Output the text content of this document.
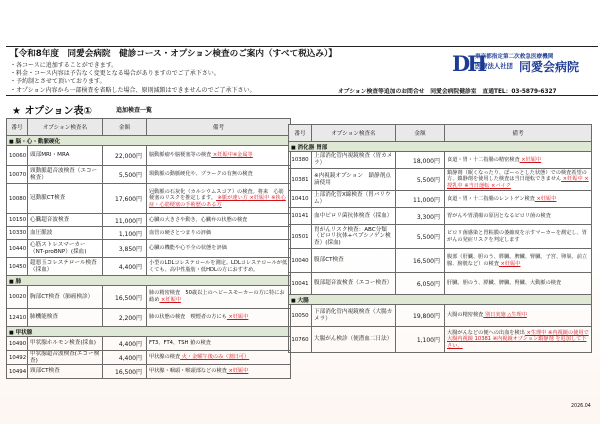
【令和8年度　同愛会病院　健診コース・オプション検査のご案内（すべて税込み）】
・各コースに追加することができます。
・料金・コース内容は予告なく変更となる場合がありますのでご了承下さい。
・予約制とさせて頂いております。
・オプション内容から一部検査を省略した場合、原則減額はできませんのでご了承下さい。
DH
東京都指定第二次救急医療機関
医療法人社団 同愛会病院
オプション検査等追加のお問合せ　同愛会病院健診室　直通TEL：03-5879-6327
★ オプション表①	追加検査一覧
番号	オプション検査名	金額	備考
■ 脳・心・動脈硬化			
10060	頭部MRI・MRA	22,000円	脳動脈瘤や脳梗塞等の検査 ×妊娠中※金属等
10070	頸動脈超音波検査（エコー検査）	5,500円	頸動脈の動脈硬化や、プラークの有無の検査
10080	冠動脈CT検査	17,600円	冠動脈の石灰化（カルシウムスコア）の検査。将来　心筋梗塞のリスクを推定します。 ※脈が速い方 ×妊娠中 ※狭心症・心筋梗塞の手術歴のある方
10150	心臓超音波検査	11,000円	心臓の大きさや動き、心臓弁の状態の検査
10330	血圧脈波	1,100円	血管の硬さとつまりの評価
10440	心筋ストレスマーカー（NT-proBNP）(採血)	3,850円	心臓の機能や心不全の状態を評価
10450	超悪玉コレステロール検査（採血）	4,400円	小型のLDLコレステロールを測定。LDLコレステロールが低くても、高中性脂肪・低HDLの方におすすめ。
■ 肺			
10020	胸部CT検査（肺癌検診）	16,500円	肺の精密検査　50歳以上のヘビースモーカーの方に特にお勧め ×妊娠中
12410	肺機能検査	2,200円	肺の状態の検査　喫煙者の方にも ×妊娠中
■ 甲状腺			
10490	甲状腺ホルモン検査(採血)	4,400円	FT3、FT4、TSH 値の検査
10492	甲状腺超音波検査(エコー検査)	4,400円	甲状腺の検査 火・金曜午後のみ（割日可）
10494	頸部CT検査	16,500円	甲状腺・咽頭・喉頭部などの検査 ×妊娠中
番号	オプション検査名	金額	備考
■ 消化器 胃部			
10380	上部消化管内視鏡検査（胃カメラ）	18,000円	食道・胃・十二指腸の精密検査 ×妊娠中
10381	※内視鏡オプション　鎮静剤点滴使用	5,500円	鎮静剤（眠くなったり、ぼーっとした状態）での検査希望の方、鎮静剤を使用した検査は当日運転できません ×妊娠中 ×授乳中 ※当日運転 ×バイク
10410	上部消化管X線検査（胃バリウム）	11,000円	食道・胃・十二指腸のレントゲン検査 ×妊娠中
10141	血中ピロリ菌抗体検査（採血）	3,300円	胃がんや胃潰瘍の原因となるピロリ菌の検査
10501	胃がんリスク検査：ABC分類（ピロリ抗体+ペプシノゲン検査）(採血)	5,500円	ピロリ菌感染と胃粘膜の萎縮度を示すマーカーを測定し、胃がんの発症リスクを判定します
10040	腹部CT検査	16,500円	腹部（肝臓、胆のう、膵臓、脾臓、腎臓、子宮、卵巣、前立腺、膀胱など）の検査 ×妊娠中
10041	腹部超音波検査（エコー検査）	6,050円	肝臓、胆のう、膵臓、脾臓、腎臓、大動脈の検査
■ 大腸			
10050	下部消化管内視鏡検査（大腸カメラ）	19,800円	大腸の精密検査 別日実施 △生理中
10760	大腸がん検診（便潜血二日法）	1,100円	大腸がんなどの便への出血を検出 ×生理中 ※内視鏡の使用で大腸内視鏡 10381 ※内視鏡オプション鎮静剤 を追加して下さい。
2026.04
